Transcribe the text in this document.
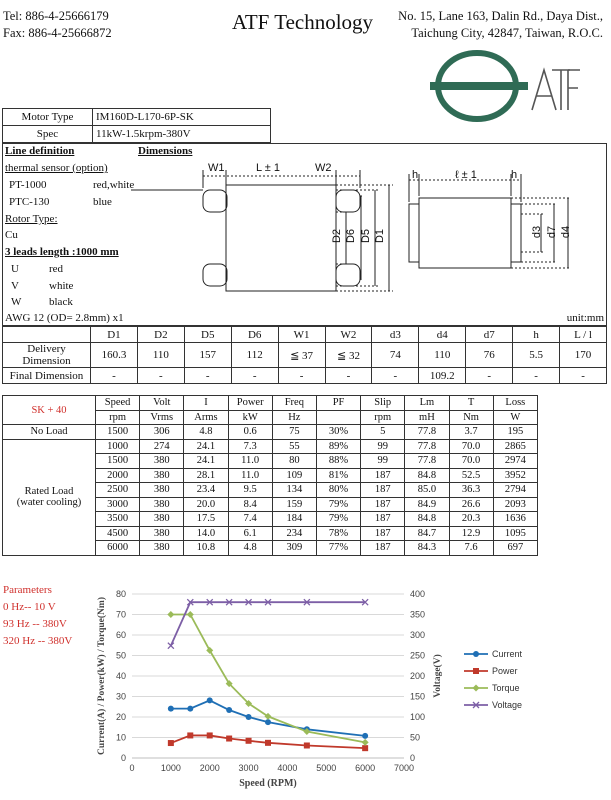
Tel: 886-4-25666179
Fax: 886-4-25666872	ATF Technology No. 15, Lane 163, Dalin Rd., Daya Dist.,
Taichung City, 42847, Taiwan, R.O.C.
Motor Type	IM160D-L170-6P-SK
Spec	11kW-1.5krpm-380V
Line definition	Dimensions
thermal sensor (option)
PT-1000	red,white
PTC-130	blue
Rotor Type:
Cu
3 leads length :1000 mm
U	red
V	white
W	black
AWG 12 (OD= 2.8mm) x1	unit:mm
W1	L ± 1	W2
D2 D6 D5 D1
h	ℓ ± 1	h
d3 d7 d4
	D1	D2	D5	D6	W1	W2	d3	d4	d7	h	L / l
Delivery Dimension	160.3	110	157	112	≦ 37	≦ 32	74	110	76	5.5	170
Final Dimension	-	-	-	-	-	-	-	109.2	-	-	-
SK + 40	Speed	Volt	I	Power	Freq	PF	Slip	Lm	T	Loss
	rpm	Vrms	Arms	kW	Hz		rpm	mH	Nm	W
No Load	1500	306	4.8	0.6	75	30%	5	77.8	3.7	195

Rated Load
(water cooling)	1000	274	24.1	7.3	55	89%	99	77.8	70.0	2865
	1500	380	24.1	11.0	80	88%	99	77.8	70.0	2974
	2000	380	28.1	11.0	109	81%	187	84.8	52.5	3952
	2500	380	23.4	9.5	134	80%	187	85.0	36.3	2794
	3000	380	20.0	8.4	159	79%	187	84.9	26.6	2093
	3500	380	17.5	7.4	184	79%	187	84.8	20.3	1636
	4500	380	14.0	6.1	234	78%	187	84.7	12.9	1095
	6000	380	10.8	4.8	309	77%	187	84.3	7.6	697
Parameters
0 Hz-- 10 V
93 Hz -- 380V
320 Hz -- 380V
0
10
20
30
40
50
60
70
80
0
50
100
150
200
250
300
350
400
0	1000 2000 3000 4000 5000 6000 7000
Speed (RPM)
Current(A) / Power(kW) / Torque(Nm)	Voltage(V)
Current
Power
Torque
Voltage
